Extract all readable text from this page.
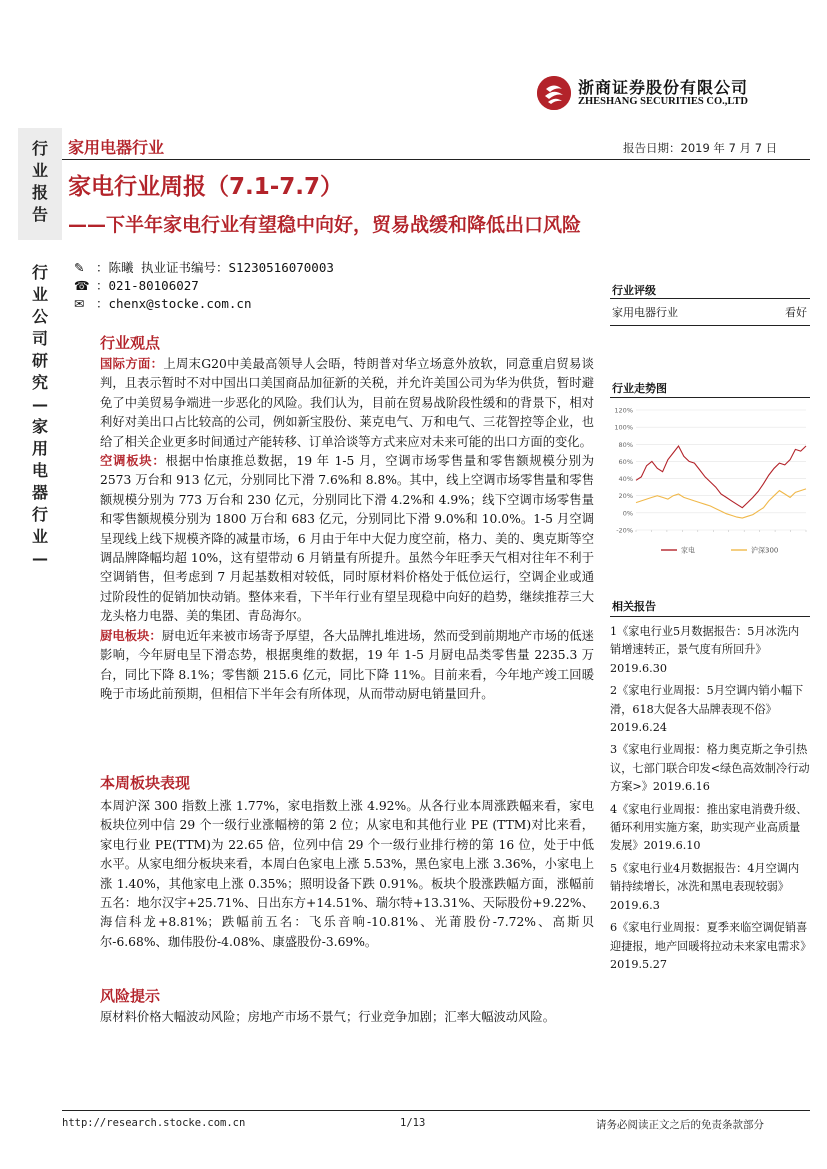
浙商证券股份有限公司
ZHESHANG SECURITIES CO.,LTD
行业报告
行业公司研究—家用电器行业—
家用电器行业	报告日期：2019 年 7 月 7 日
家电行业周报（7.1-7.7）
——下半年家电行业有望稳中向好，贸易战缓和降低出口风险
✎ ：陈曦 执业证书编号：S1230516070003
☎ ：021-80106027
✉ ：chenx@stocke.com.cn
行业观点

国际方面：上周末G20中美最高领导人会晤，特朗普对华立场意外放软，同意重启贸易谈判，且表示暂时不对中国出口美国商品加征新的关税，并允许美国公司为华为供货，暂时避免了中美贸易争端进一步恶化的风险。我们认为，目前在贸易战阶段性缓和的背景下，相对利好对美出口占比较高的公司，例如新宝股份、莱克电气、万和电气、三花智控等企业，也给了相关企业更多时间通过产能转移、订单洽谈等方式来应对未来可能的出口方面的变化。

空调板块：根据中怡康推总数据，19 年 1-5 月，空调市场零售量和零售额规模分别为 2573 万台和 913 亿元，分别同比下滑 7.6%和 8.8%。其中，线上空调市场零售量和零售额规模分别为 773 万台和 230 亿元，分别同比下滑 4.2%和 4.9%；线下空调市场零售量和零售额规模分别为 1800 万台和 683 亿元，分别同比下滑 9.0%和 10.0%。1-5 月空调呈现线上线下规模齐降的减量市场，6 月由于年中大促力度空前，格力、美的、奥克斯等空调品牌降幅均超 10%，这有望带动 6 月销量有所提升。虽然今年旺季天气相对往年不利于空调销售，但考虑到 7 月起基数相对较低，同时原材料价格处于低位运行，空调企业或通过阶段性的促销加快动销。整体来看，下半年行业有望呈现稳中向好的趋势，继续推荐三大龙头格力电器、美的集团、青岛海尔。

厨电板块：厨电近年来被市场寄予厚望，各大品牌扎堆进场，然而受到前期地产市场的低迷影响，今年厨电呈下滑态势，根据奥维的数据，19 年 1-5 月厨电品类零售量 2235.3 万台，同比下降 8.1%；零售额 215.6 亿元，同比下降 11%。目前来看，今年地产竣工回暖晚于市场此前预期，但相信下半年会有所体现，从而带动厨电销量回升。

本周板块表现
本周沪深 300 指数上涨 1.77%，家电指数上涨 4.92%。从各行业本周涨跌幅来看，家电板块位列中信 29 个一级行业涨幅榜的第 2 位；从家电和其他行业 PE (TTM)对比来看，家电行业 PE(TTM)为 22.65 倍，位列中信 29 个一级行业排行榜的第 16 位，处于中低水平。从家电细分板块来看，本周白色家电上涨 5.53%，黑色家电上涨 3.36%，小家电上涨 1.40%，其他家电上涨 0.35%；照明设备下跌 0.91%。板块个股涨跌幅方面，涨幅前五名：地尔汉宇+25.71%、日出东方+14.51%、瑞尔特+13.31%、天际股份+9.22%、海信科龙+8.81%；跌幅前五名：飞乐音响-10.81%、光莆股份-7.72%、高斯贝尔-6.68%、珈伟股份-4.08%、康盛股份-3.69%。
风险提示
原材料价格大幅波动风险；房地产市场不景气；行业竞争加剧；汇率大幅波动风险。
行业评级
家用电器行业	看好
行业走势图
120%
100%
80%
60%
40%
20%
0%
-20%
家电	沪深300
相关报告
1《家电行业5月数据报告：5月冰洗内销增速转正，景气度有所回升》2019.6.30
2《家电行业周报：5月空调内销小幅下滑，618大促各大品牌表现不俗》2019.6.24
3《家电行业周报：格力奥克斯之争引热议，七部门联合印发<绿色高效制冷行动方案>》2019.6.16
4《家电行业周报：推出家电消费升级、循环利用实施方案，助实现产业高质量发展》2019.6.10
5《家电行业4月数据报告：4月空调内销持续增长，冰洗和黑电表现较弱》2019.6.3
6《家电行业周报：夏季来临空调促销喜迎捷报，地产回暖将拉动未来家电需求》2019.5.27
http://research.stocke.com.cn	1/13	请务必阅读正文之后的免责条款部分
